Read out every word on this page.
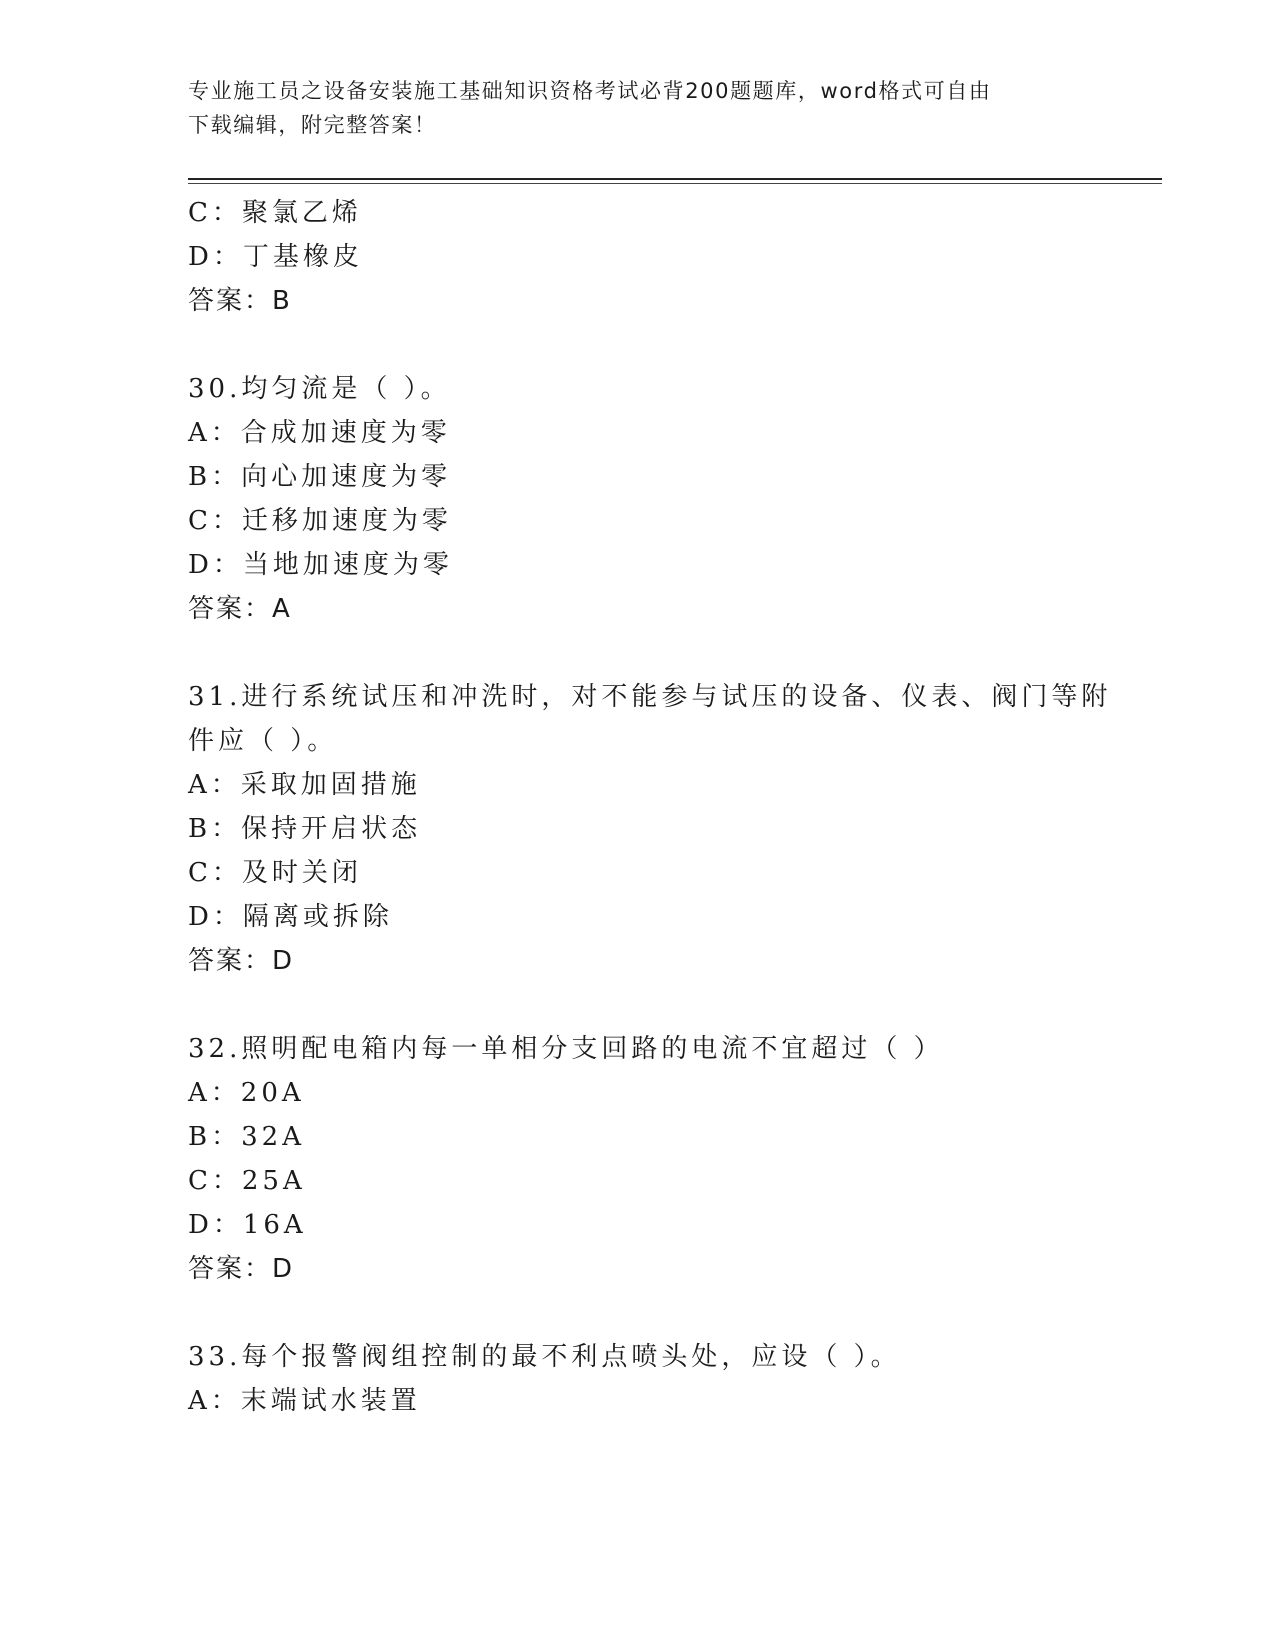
专业施工员之设备安装施工基础知识资格考试必背200题题库，word格式可自由
下载编辑，附完整答案！
C：聚氯乙烯
D：丁基橡皮
答案：B
30.均匀流是（ ）。
A：合成加速度为零
B：向心加速度为零
C：迁移加速度为零
D：当地加速度为零
答案：A
31.进行系统试压和冲洗时，对不能参与试压的设备、仪表、阀门等附
件应（ ）。
A：采取加固措施
B：保持开启状态
C：及时关闭
D：隔离或拆除
答案：D
32.照明配电箱内每一单相分支回路的电流不宜超过（ ）
A：20A
B：32A
C：25A
D：16A
答案：D
33.每个报警阀组控制的最不利点喷头处，应设（ ）。
A：末端试水装置
